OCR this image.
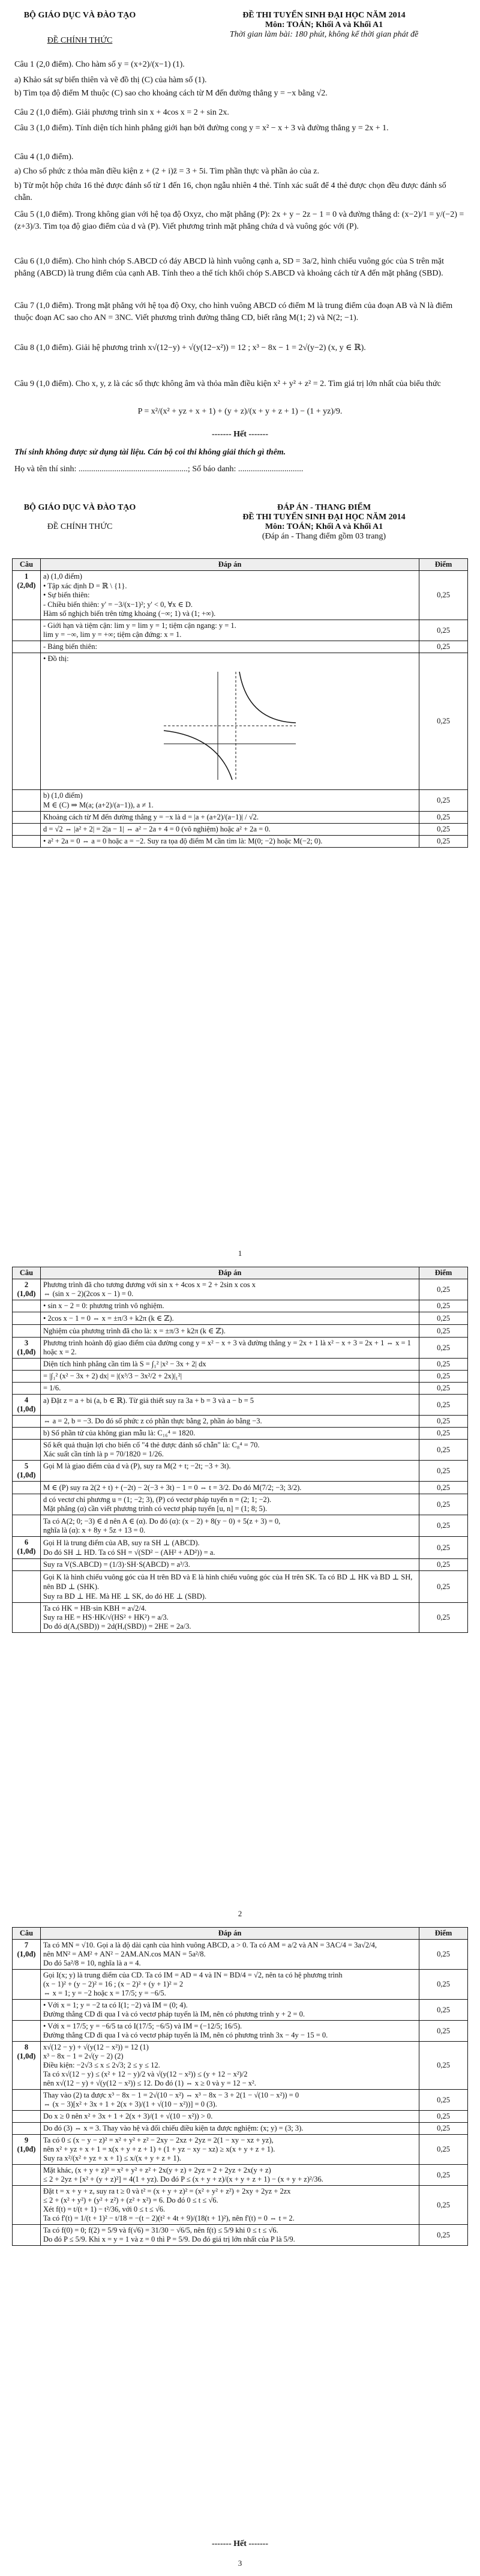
BỘ GIÁO DỤC VÀ ĐÀO TẠO
ĐỀ CHÍNH THỨC
ĐỀ THI TUYỂN SINH ĐẠI HỌC NĂM 2014
Môn: TOÁN; Khối A và Khối A1
Thời gian làm bài: 180 phút, không kể thời gian phát đề
Câu 1 (2,0 điểm). Cho hàm số y = (x+2)/(x−1) (1).
a) Khảo sát sự biến thiên và vẽ đồ thị (C) của hàm số (1).
b) Tìm tọa độ điểm M thuộc (C) sao cho khoảng cách từ M đến đường thẳng y = −x bằng √2.
Câu 2 (1,0 điểm). Giải phương trình sin x + 4cos x = 2 + sin 2x.
Câu 3 (1,0 điểm). Tính diện tích hình phẳng giới hạn bởi đường cong y = x² − x + 3 và đường thẳng y = 2x + 1.
Câu 4 (1,0 điểm).
a) Cho số phức z thỏa mãn điều kiện z + (2 + i)z̄ = 3 + 5i. Tìm phần thực và phần ảo của z.
b) Từ một hộp chứa 16 thẻ được đánh số từ 1 đến 16, chọn ngẫu nhiên 4 thẻ. Tính xác suất để 4 thẻ được chọn đều được đánh số chẵn.
Câu 5 (1,0 điểm). Trong không gian với hệ tọa độ Oxyz, cho mặt phẳng (P): 2x + y − 2z − 1 = 0 và đường thẳng d: (x−2)/1 = y/(−2) = (z+3)/3. Tìm tọa độ giao điểm của d và (P). Viết phương trình mặt phẳng chứa d và vuông góc với (P).
Câu 6 (1,0 điểm). Cho hình chóp S.ABCD có đáy ABCD là hình vuông cạnh a, SD = 3a/2, hình chiếu vuông góc của S trên mặt phẳng (ABCD) là trung điểm của cạnh AB. Tính theo a thể tích khối chóp S.ABCD và khoảng cách từ A đến mặt phẳng (SBD).
Câu 7 (1,0 điểm). Trong mặt phẳng với hệ tọa độ Oxy, cho hình vuông ABCD có điểm M là trung điểm của đoạn AB và N là điểm thuộc đoạn AC sao cho AN = 3NC. Viết phương trình đường thẳng CD, biết rằng M(1; 2) và N(2; −1).
Câu 8 (1,0 điểm). Giải hệ phương trình x√(12−y) + √(y(12−x²)) = 12 ; x³ − 8x − 1 = 2√(y−2) (x, y ∈ ℝ).
Câu 9 (1,0 điểm). Cho x, y, z là các số thực không âm và thỏa mãn điều kiện x² + y² + z² = 2. Tìm giá trị lớn nhất của biểu thức
P = x²/(x² + yz + x + 1) + (y + z)/(x + y + z + 1) − (1 + yz)/9.
------- Hết -------
Thí sinh không được sử dụng tài liệu. Cán bộ coi thi không giải thích gì thêm.
Họ và tên thí sinh: ....................................................; Số báo danh: ...............................
BỘ GIÁO DỤC VÀ ĐÀO TẠO
ĐỀ CHÍNH THỨC
ĐÁP ÁN - THANG ĐIỂM
ĐỀ THI TUYỂN SINH ĐẠI HỌC NĂM 2014
Môn: TOÁN; Khối A và Khối A1
(Đáp án - Thang điểm gồm 03 trang)
Câu	Đáp án	Điểm
1
(2,0đ)	a) (1,0 điểm)
• Tập xác định D = ℝ \ {1}.
• Sự biến thiên:
- Chiều biến thiên: y' = −3/(x−1)²; y' < 0, ∀x ∈ D.
Hàm số nghịch biến trên từng khoảng (−∞; 1) và (1; +∞).	0,25
	- Giới hạn và tiệm cận: lim y = lim y = 1; tiệm cận ngang: y = 1.
lim y = −∞, lim y = +∞; tiệm cận đứng: x = 1.	0,25
	- Bảng biến thiên:	0,25
	• Đồ thị:	0,25
	b) (1,0 điểm)
M ∈ (C) ⇒ M(a; (a+2)/(a−1)), a ≠ 1.	0,25
	Khoảng cách từ M đến đường thẳng y = −x là d = |a + (a+2)/(a−1)| / √2.	0,25
	d = √2 ⇔ |a² + 2| = 2|a − 1| ⇔ a² − 2a + 4 = 0 (vô nghiệm) hoặc a² + 2a = 0.	0,25
	• a² + 2a = 0 ⇔ a = 0 hoặc a = −2. Suy ra tọa độ điểm M cần tìm là: M(0; −2) hoặc M(−2; 0).	0,25
1
Câu	Đáp án	Điểm
2
(1,0đ)	Phương trình đã cho tương đương với sin x + 4cos x = 2 + 2sin x cos x
⇔ (sin x − 2)(2cos x − 1) = 0.	0,25
	• sin x − 2 = 0: phương trình vô nghiệm.	0,25
	• 2cos x − 1 = 0 ⇔ x = ±π/3 + k2π (k ∈ ℤ).	0,25
	Nghiệm của phương trình đã cho là: x = ±π/3 + k2π (k ∈ ℤ).	0,25
3
(1,0đ)	Phương trình hoành độ giao điểm của đường cong y = x² − x + 3 và đường thẳng y = 2x + 1 là x² − x + 3 = 2x + 1 ⇔ x = 1 hoặc x = 2.	0,25
	Diện tích hình phẳng cần tìm là S = ∫₁² |x² − 3x + 2| dx	0,25
	= |∫₁² (x² − 3x + 2) dx| = |(x³/3 − 3x²/2 + 2x)|₁²|	0,25
	= 1/6.	0,25
4
(1,0đ)	a) Đặt z = a + bi (a, b ∈ ℝ). Từ giả thiết suy ra 3a + b = 3 và a − b = 5	0,25
	⇔ a = 2, b = −3. Do đó số phức z có phần thực bằng 2, phần ảo bằng −3.	0,25
	b) Số phần tử của không gian mẫu là: C₁₆⁴ = 1820.	0,25
	Số kết quả thuận lợi cho biến cố "4 thẻ được đánh số chẵn" là: C₈⁴ = 70.
Xác suất cần tính là p = 70/1820 = 1/26.	0,25
5
(1,0đ)	Gọi M là giao điểm của d và (P), suy ra M(2 + t; −2t; −3 + 3t).	0,25
	M ∈ (P) suy ra 2(2 + t) + (−2t) − 2(−3 + 3t) − 1 = 0 ⇔ t = 3/2. Do đó M(7/2; −3; 3/2).	0,25
	d có vectơ chỉ phương u = (1; −2; 3), (P) có vectơ pháp tuyến n = (2; 1; −2).
Mặt phẳng (α) cần viết phương trình có vectơ pháp tuyến [u, n] = (1; 8; 5).	0,25
	Ta có A(2; 0; −3) ∈ d nên A ∈ (α). Do đó (α): (x − 2) + 8(y − 0) + 5(z + 3) = 0,
nghĩa là (α): x + 8y + 5z + 13 = 0.	0,25
6
(1,0đ)	Gọi H là trung điểm của AB, suy ra SH ⊥ (ABCD).
Do đó SH ⊥ HD. Ta có SH = √(SD² − (AH² + AD²)) = a.	0,25
	Suy ra V(S.ABCD) = (1/3)·SH·S(ABCD) = a³/3.	0,25
	Gọi K là hình chiếu vuông góc của H trên BD và E là hình chiếu vuông góc của H trên SK. Ta có BD ⊥ HK và BD ⊥ SH, nên BD ⊥ (SHK).
Suy ra BD ⊥ HE. Mà HE ⊥ SK, do đó HE ⊥ (SBD).	0,25
	Ta có HK = HB·sin KBH = a√2/4.
Suy ra HE = HS·HK/√(HS² + HK²) = a/3.
Do đó d(A,(SBD)) = 2d(H,(SBD)) = 2HE = 2a/3.	0,25
2
Câu	Đáp án	Điểm
7
(1,0đ)	Ta có MN = √10. Gọi a là độ dài cạnh của hình vuông ABCD, a > 0. Ta có AM = a/2 và AN = 3AC/4 = 3a√2/4,
nên MN² = AM² + AN² − 2AM.AN.cos MAN = 5a²/8.
Do đó 5a²/8 = 10, nghĩa là a = 4.	0,25
	Gọi I(x; y) là trung điểm của CD. Ta có IM = AD = 4 và IN = BD/4 = √2, nên ta có hệ phương trình
(x − 1)² + (y − 2)² = 16 ; (x − 2)² + (y + 1)² = 2
⇔ x = 1; y = −2 hoặc x = 17/5; y = −6/5.	0,25
	• Với x = 1; y = −2 ta có I(1; −2) và IM = (0; 4).
Đường thẳng CD đi qua I và có vectơ pháp tuyến là IM, nên có phương trình y + 2 = 0.	0,25
	• Với x = 17/5; y = −6/5 ta có I(17/5; −6/5) và IM = (−12/5; 16/5).
Đường thẳng CD đi qua I và có vectơ pháp tuyến là IM, nên có phương trình 3x − 4y − 15 = 0.	0,25
8
(1,0đ)	x√(12 − y) + √(y(12 − x²)) = 12 (1)
x³ − 8x − 1 = 2√(y − 2) (2)
Điều kiện: −2√3 ≤ x ≤ 2√3; 2 ≤ y ≤ 12.
Ta có x√(12 − y) ≤ (x² + 12 − y)/2 và √(y(12 − x²)) ≤ (y + 12 − x²)/2
nên x√(12 − y) + √(y(12 − x²)) ≤ 12. Do đó (1) ⇔ x ≥ 0 và y = 12 − x².	0,25
	Thay vào (2) ta được x³ − 8x − 1 = 2√(10 − x²) ⇔ x³ − 8x − 3 + 2(1 − √(10 − x²)) = 0
⇔ (x − 3)[x² + 3x + 1 + 2(x + 3)/(1 + √(10 − x²))] = 0 (3).	0,25
	Do x ≥ 0 nên x² + 3x + 1 + 2(x + 3)/(1 + √(10 − x²)) > 0.	0,25
	Do đó (3) ⇔ x = 3. Thay vào hệ và đối chiếu điều kiện ta được nghiệm: (x; y) = (3; 3).	0,25
9
(1,0đ)	Ta có 0 ≤ (x − y − z)² = x² + y² + z² − 2xy − 2xz + 2yz = 2(1 − xy − xz + yz),
nên x² + yz + x + 1 = x(x + y + z + 1) + (1 + yz − xy − xz) ≥ x(x + y + z + 1).
Suy ra x²/(x² + yz + x + 1) ≤ x/(x + y + z + 1).	0,25
	Mặt khác, (x + y + z)² = x² + y² + z² + 2x(y + z) + 2yz = 2 + 2yz + 2x(y + z)
≤ 2 + 2yz + [x² + (y + z)²] = 4(1 + yz). Do đó P ≤ (x + y + z)/(x + y + z + 1) − (x + y + z)²/36.	0,25
	Đặt t = x + y + z, suy ra t ≥ 0 và t² = (x + y + z)² = (x² + y² + z²) + 2xy + 2yz + 2zx
≤ 2 + (x² + y²) + (y² + z²) + (z² + x²) = 6. Do đó 0 ≤ t ≤ √6.
Xét f(t) = t/(t + 1) − t²/36, với 0 ≤ t ≤ √6.
Ta có f'(t) = 1/(t + 1)² − t/18 = −(t − 2)(t² + 4t + 9)/(18(t + 1)²), nên f'(t) = 0 ⇔ t = 2.	0,25
	Ta có f(0) = 0; f(2) = 5/9 và f(√6) = 31/30 − √6/5, nên f(t) ≤ 5/9 khi 0 ≤ t ≤ √6.
Do đó P ≤ 5/9. Khi x = y = 1 và z = 0 thì P = 5/9. Do đó giá trị lớn nhất của P là 5/9.	0,25
------- Hết -------
3
